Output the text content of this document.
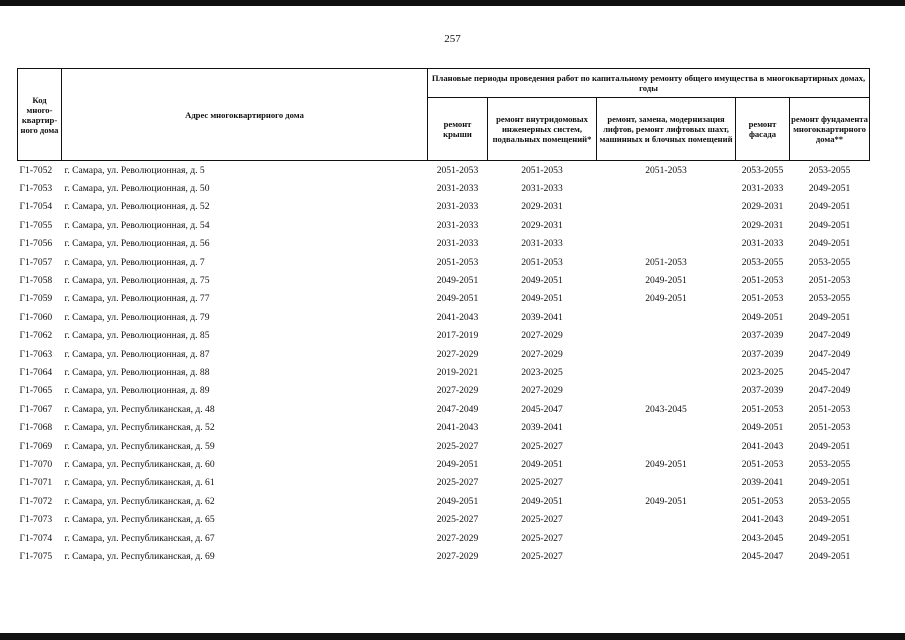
257
Код много-квартир-ного дома	Адрес многоквартирного дома	Плановые периоды проведения работ по капитальному ремонту общего имущества в многоквартирных домах, годы				
		ремонт крыши	ремонт внутридомовых инженерных систем, подвальных помещений*	ремонт, замена, модернизация лифтов, ремонт лифтовых шахт, машинных и блочных помещений	ремонт фасада	ремонт фундамента многоквартирного дома**
Г1-7052	г. Самара, ул. Революционная, д. 5	2051-2053	2051-2053	2051-2053	2053-2055	2053-2055
Г1-7053	г. Самара, ул. Революционная, д. 50	2031-2033	2031-2033		2031-2033	2049-2051
Г1-7054	г. Самара, ул. Революционная, д. 52	2031-2033	2029-2031		2029-2031	2049-2051
Г1-7055	г. Самара, ул. Революционная, д. 54	2031-2033	2029-2031		2029-2031	2049-2051
Г1-7056	г. Самара, ул. Революционная, д. 56	2031-2033	2031-2033		2031-2033	2049-2051
Г1-7057	г. Самара, ул. Революционная, д. 7	2051-2053	2051-2053	2051-2053	2053-2055	2053-2055
Г1-7058	г. Самара, ул. Революционная, д. 75	2049-2051	2049-2051	2049-2051	2051-2053	2051-2053
Г1-7059	г. Самара, ул. Революционная, д. 77	2049-2051	2049-2051	2049-2051	2051-2053	2053-2055
Г1-7060	г. Самара, ул. Революционная, д. 79	2041-2043	2039-2041		2049-2051	2049-2051
Г1-7062	г. Самара, ул. Революционная, д. 85	2017-2019	2027-2029		2037-2039	2047-2049
Г1-7063	г. Самара, ул. Революционная, д. 87	2027-2029	2027-2029		2037-2039	2047-2049
Г1-7064	г. Самара, ул. Революционная, д. 88	2019-2021	2023-2025		2023-2025	2045-2047
Г1-7065	г. Самара, ул. Революционная, д. 89	2027-2029	2027-2029		2037-2039	2047-2049
Г1-7067	г. Самара, ул. Республиканская, д. 48	2047-2049	2045-2047	2043-2045	2051-2053	2051-2053
Г1-7068	г. Самара, ул. Республиканская, д. 52	2041-2043	2039-2041		2049-2051	2051-2053
Г1-7069	г. Самара, ул. Республиканская, д. 59	2025-2027	2025-2027		2041-2043	2049-2051
Г1-7070	г. Самара, ул. Республиканская, д. 60	2049-2051	2049-2051	2049-2051	2051-2053	2053-2055
Г1-7071	г. Самара, ул. Республиканская, д. 61	2025-2027	2025-2027		2039-2041	2049-2051
Г1-7072	г. Самара, ул. Республиканская, д. 62	2049-2051	2049-2051	2049-2051	2051-2053	2053-2055
Г1-7073	г. Самара, ул. Республиканская, д. 65	2025-2027	2025-2027		2041-2043	2049-2051
Г1-7074	г. Самара, ул. Республиканская, д. 67	2027-2029	2025-2027		2043-2045	2049-2051
Г1-7075	г. Самара, ул. Республиканская, д. 69	2027-2029	2025-2027		2045-2047	2049-2051
